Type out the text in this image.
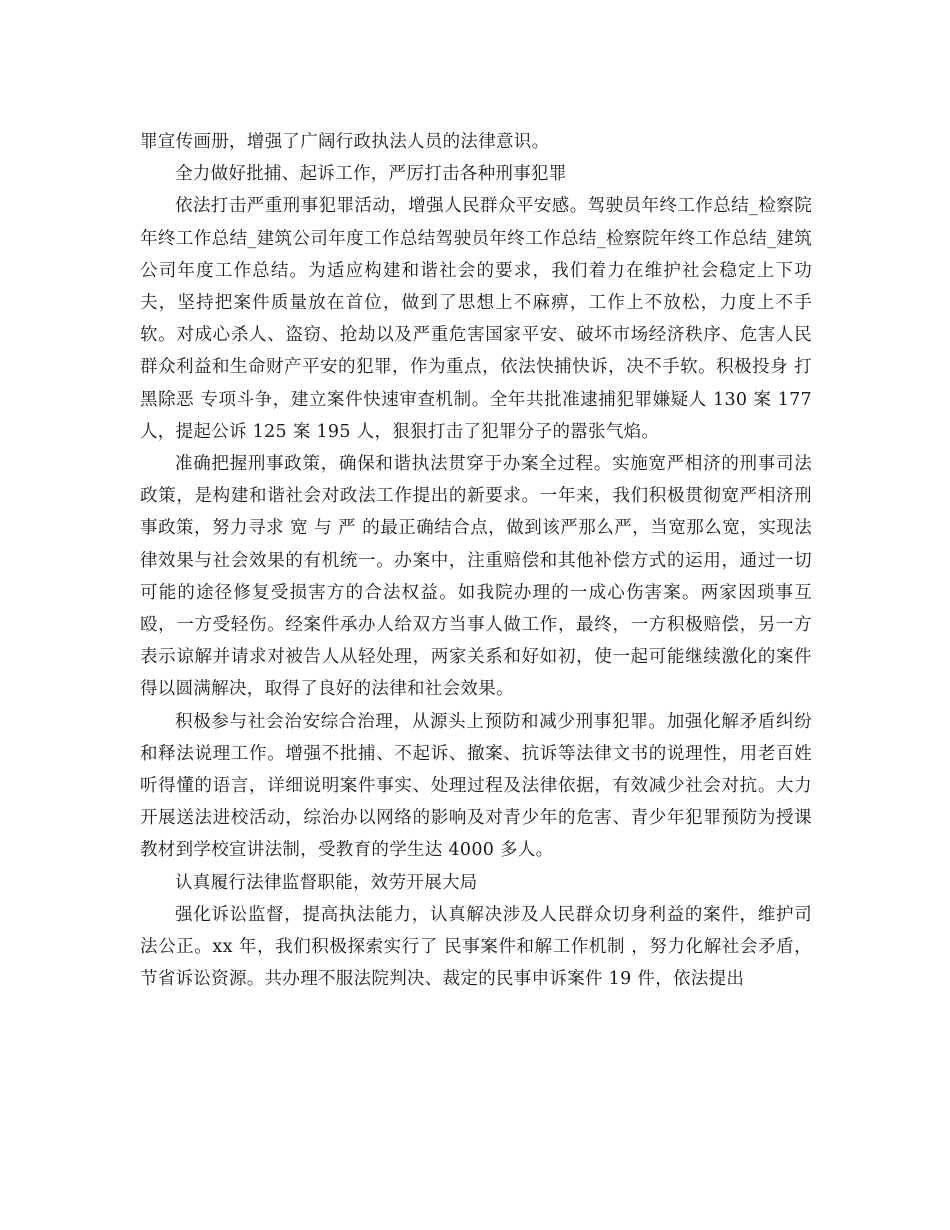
罪宣传画册，增强了广阔行政执法人员的法律意识。

全力做好批捕、起诉工作，严厉打击各种刑事犯罪

依法打击严重刑事犯罪活动，增强人民群众平安感。驾驶员年终工作总结_检察院年终工作总结_建筑公司年度工作总结驾驶员年终工作总结_检察院年终工作总结_建筑公司年度工作总结。为适应构建和谐社会的要求，我们着力在维护社会稳定上下功夫，坚持把案件质量放在首位，做到了思想上不麻痹，工作上不放松，力度上不手软。对成心杀人、盗窃、抢劫以及严重危害国家平安、破坏市场经济秩序、危害人民群众利益和生命财产平安的犯罪，作为重点，依法快捕快诉，决不手软。积极投身 打黑除恶 专项斗争，建立案件快速审查机制。全年共批准逮捕犯罪嫌疑人 130 案 177 人，提起公诉 125 案 195 人，狠狠打击了犯罪分子的嚣张气焰。

准确把握刑事政策，确保和谐执法贯穿于办案全过程。实施宽严相济的刑事司法政策，是构建和谐社会对政法工作提出的新要求。一年来，我们积极贯彻宽严相济刑事政策，努力寻求 宽 与 严 的最正确结合点，做到该严那么严，当宽那么宽，实现法律效果与社会效果的有机统一。办案中，注重赔偿和其他补偿方式的运用，通过一切可能的途径修复受损害方的合法权益。如我院办理的一成心伤害案。两家因琐事互殴，一方受轻伤。经案件承办人给双方当事人做工作，最终，一方积极赔偿，另一方表示谅解并请求对被告人从轻处理，两家关系和好如初，使一起可能继续激化的案件得以圆满解决，取得了良好的法律和社会效果。

积极参与社会治安综合治理，从源头上预防和减少刑事犯罪。加强化解矛盾纠纷和释法说理工作。增强不批捕、不起诉、撤案、抗诉等法律文书的说理性，用老百姓听得懂的语言，详细说明案件事实、处理过程及法律依据，有效减少社会对抗。大力开展送法进校活动，综治办以网络的影响及对青少年的危害、青少年犯罪预防为授课教材到学校宣讲法制，受教育的学生达 4000 多人。

认真履行法律监督职能，效劳开展大局

强化诉讼监督，提高执法能力，认真解决涉及人民群众切身利益的案件，维护司法公正。xx 年，我们积极探索实行了 民事案件和解工作机制 ，努力化解社会矛盾，节省诉讼资源。共办理不服法院判决、裁定的民事申诉案件 19 件，依法提出
